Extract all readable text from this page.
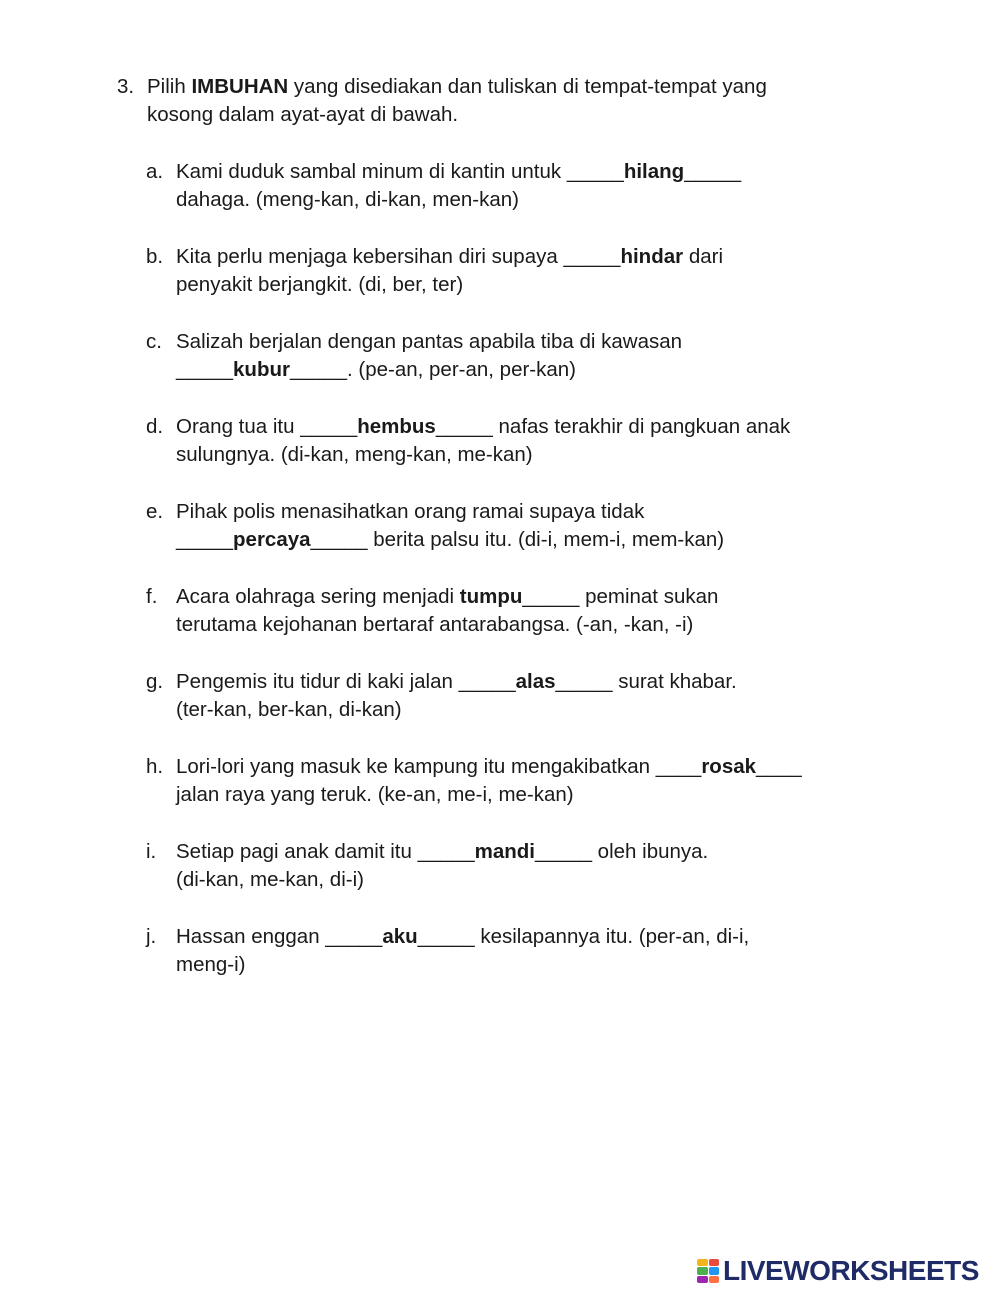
3. Pilih IMBUHAN yang disediakan dan tuliskan di tempat-tempat yang
kosong dalam ayat-ayat di bawah.
a. Kami duduk sambal minum di kantin untuk _____hilang_____
dahaga. (meng-kan, di-kan, men-kan)
b. Kita perlu menjaga kebersihan diri supaya _____hindar dari
penyakit berjangkit. (di, ber, ter)
c. Salizah berjalan dengan pantas apabila tiba di kawasan
_____kubur_____. (pe-an, per-an, per-kan)
d. Orang tua itu _____hembus_____ nafas terakhir di pangkuan anak
sulungnya. (di-kan, meng-kan, me-kan)
e. Pihak polis menasihatkan orang ramai supaya tidak
_____percaya_____ berita palsu itu. (di-i, mem-i, mem-kan)
f. Acara olahraga sering menjadi tumpu_____ peminat sukan
terutama kejohanan bertaraf antarabangsa. (-an, -kan, -i)
g. Pengemis itu tidur di kaki jalan _____alas_____ surat khabar.
(ter-kan, ber-kan, di-kan)
h. Lori-lori yang masuk ke kampung itu mengakibatkan ____rosak____
jalan raya yang teruk. (ke-an, me-i, me-kan)
i. Setiap pagi anak damit itu _____mandi_____ oleh ibunya.
(di-kan, me-kan, di-i)
j. Hassan enggan _____aku_____ kesilapannya itu. (per-an, di-i,
meng-i)
LIVEWORKSHEETS
